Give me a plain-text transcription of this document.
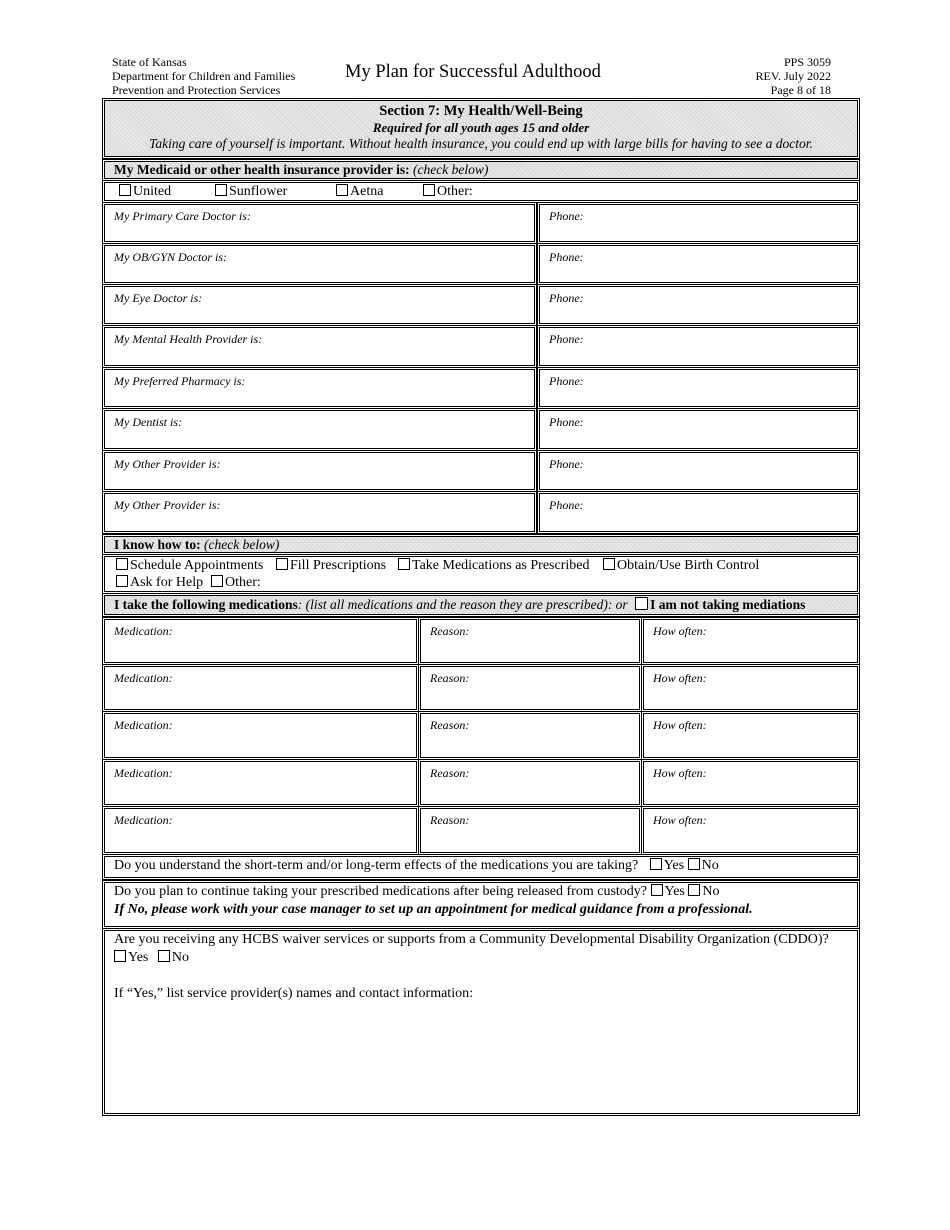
State of Kansas
Department for Children and Families
Prevention and Protection Services
My Plan for Successful Adulthood	PPS 3059
REV. July 2022
Page 8 of 18
Section 7: My Health/Well-Being
Required for all youth ages 15 and older
Taking care of yourself is important. Without health insurance, you could end up with large bills for having to see a doctor.
My Medicaid or other health insurance provider is: (check below)
United	Sunflower	Aetna	Other:
My Primary Care Doctor is:	Phone:
My OB/GYN Doctor is:	Phone:
My Eye Doctor is:	Phone:
My Mental Health Provider is:	Phone:
My Preferred Pharmacy is:	Phone:
My Dentist is:	Phone:
My Other Provider is:	Phone:
My Other Provider is:	Phone:
I know how to: (check below)
Schedule Appointments	Fill Prescriptions	Take Medications as Prescribed	Obtain/Use Birth Control
Ask for Help	Other:
I take the following medications: (list all medications and the reason they are prescribed): or I am not taking mediations
Medication:	Reason:	How often:
Medication:	Reason:	How often:
Medication:	Reason:	How often:
Medication:	Reason:	How often:
Medication:	Reason:	How often:
Do you understand the short-term and/or long-term effects of the medications you are taking? Yes No
Do you plan to continue taking your prescribed medications after being released from custody? Yes No
If No, please work with your case manager to set up an appointment for medical guidance from a professional.
Are you receiving any HCBS waiver services or supports from a Community Developmental Disability Organization (CDDO)?
Yes No
If “Yes,” list service provider(s) names and contact information:
